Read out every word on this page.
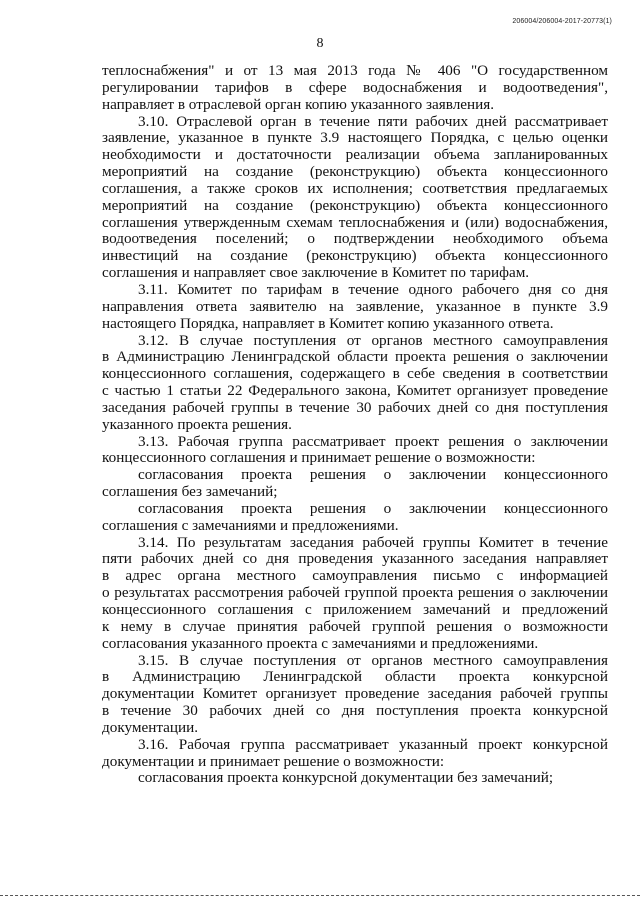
206004/206004-2017-20773(1)
8
теплоснабжения" и от 13 мая 2013 года № 406 "О государственном
регулировании тарифов в сфере водоснабжения и водоотведения",
направляет в отраслевой орган копию указанного заявления.
3.10. Отраслевой орган в течение пяти рабочих дней рассматривает
заявление, указанное в пункте 3.9 настоящего Порядка, с целью оценки
необходимости и достаточности реализации объема запланированных
мероприятий на создание (реконструкцию) объекта концессионного
соглашения, а также сроков их исполнения; соответствия предлагаемых
мероприятий на создание (реконструкцию) объекта концессионного
соглашения утвержденным схемам теплоснабжения и (или) водоснабжения,
водоотведения поселений; о подтверждении необходимого объема
инвестиций на создание (реконструкцию) объекта концессионного
соглашения и направляет свое заключение в Комитет по тарифам.
3.11. Комитет по тарифам в течение одного рабочего дня со дня
направления ответа заявителю на заявление, указанное в пункте 3.9
настоящего Порядка, направляет в Комитет копию указанного ответа.
3.12. В случае поступления от органов местного самоуправления
в Администрацию Ленинградской области проекта решения о заключении
концессионного соглашения, содержащего в себе сведения в соответствии
с частью 1 статьи 22 Федерального закона, Комитет организует проведение
заседания рабочей группы в течение 30 рабочих дней со дня поступления
указанного проекта решения.
3.13. Рабочая группа рассматривает проект решения о заключении
концессионного соглашения и принимает решение о возможности:
согласования проекта решения о заключении концессионного
соглашения без замечаний;
согласования проекта решения о заключении концессионного
соглашения с замечаниями и предложениями.
3.14. По результатам заседания рабочей группы Комитет в течение
пяти рабочих дней со дня проведения указанного заседания направляет
в адрес органа местного самоуправления письмо с информацией
о результатах рассмотрения рабочей группой проекта решения о заключении
концессионного соглашения с приложением замечаний и предложений
к нему в случае принятия рабочей группой решения о возможности
согласования указанного проекта с замечаниями и предложениями.
3.15. В случае поступления от органов местного самоуправления
в Администрацию Ленинградской области проекта конкурсной
документации Комитет организует проведение заседания рабочей группы
в течение 30 рабочих дней со дня поступления проекта конкурсной
документации.
3.16. Рабочая группа рассматривает указанный проект конкурсной
документации и принимает решение о возможности:
согласования проекта конкурсной документации без замечаний;
